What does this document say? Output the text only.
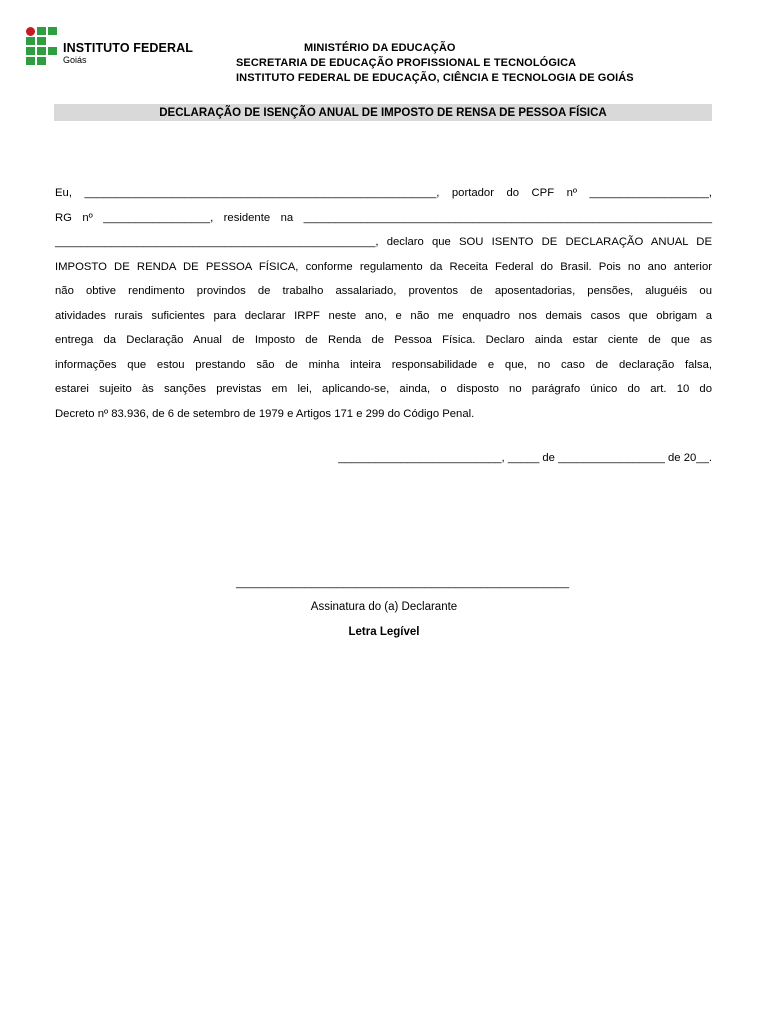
INSTITUTO FEDERAL
Goiás
MINISTÉRIO DA EDUCAÇÃO
SECRETARIA DE EDUCAÇÃO PROFISSIONAL E TECNOLÓGICA
INSTITUTO FEDERAL DE EDUCAÇÃO, CIÊNCIA E TECNOLOGIA DE GOIÁS
DECLARAÇÃO DE ISENÇÃO ANUAL DE IMPOSTO DE RENSA DE PESSOA FÍSICA
Eu, ________________________________________________________, portador do CPF nº ___________________,
RG nº _________________, residente na _________________________________________________________________
___________________________________________________, declaro que SOU ISENTO DE DECLARAÇÃO ANUAL DE
IMPOSTO DE RENDA DE PESSOA FÍSICA, conforme regulamento da Receita Federal do Brasil. Pois no ano anterior
não obtive rendimento provindos de trabalho assalariado, proventos de aposentadorias, pensões, aluguéis ou
atividades rurais suficientes para declarar IRPF neste ano, e não me enquadro nos demais casos que obrigam a
entrega da Declaração Anual de Imposto de Renda de Pessoa Física. Declaro ainda estar ciente de que as
informações que estou prestando são de minha inteira responsabilidade e que, no caso de declaração falsa,
estarei sujeito às sanções previstas em lei, aplicando-se, ainda, o disposto no parágrafo único do art. 10 do
Decreto nº 83.936, de 6 de setembro de 1979 e Artigos 171 e 299 do Código Penal.
__________________________, _____ de _________________ de 20__.
_____________________________________________________
Assinatura do (a) Declarante
Letra Legível
